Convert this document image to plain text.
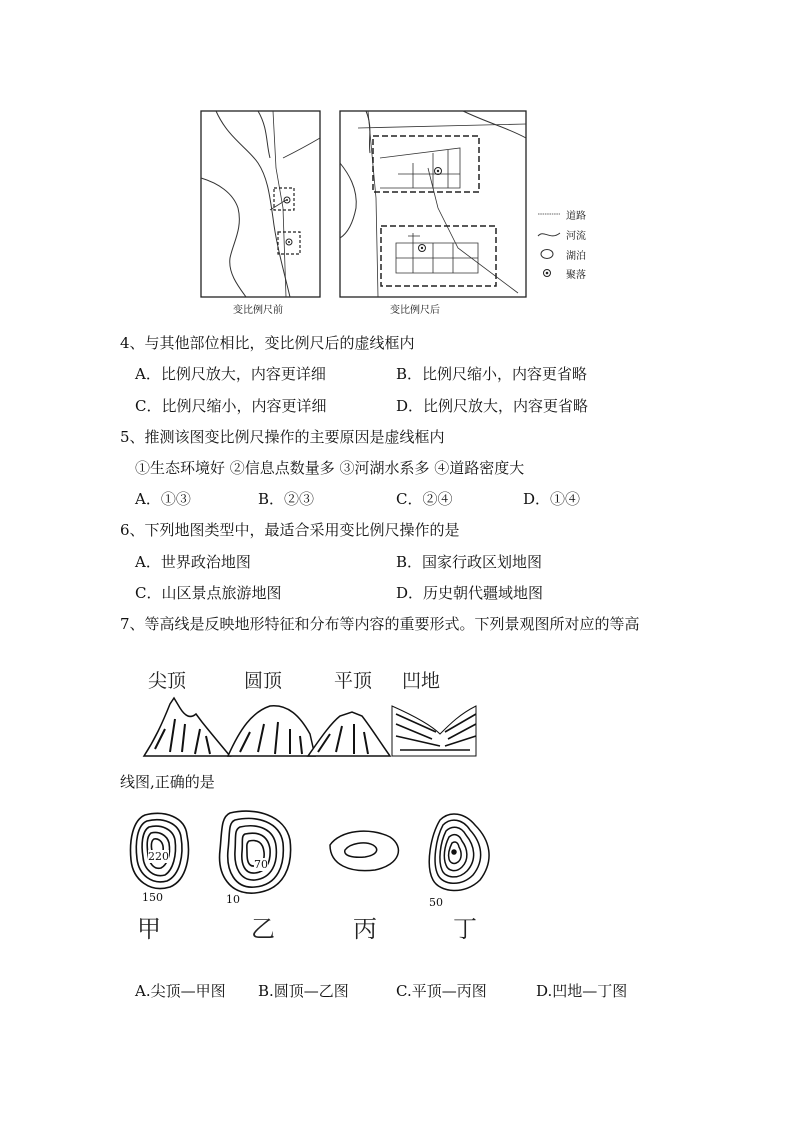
变比例尺前	变比例尺后
道路
河流
湖泊
聚落
4、与其他部位相比，变比例尺后的虚线框内
A．比例尺放大，内容更详细	B．比例尺缩小，内容更省略
C．比例尺缩小，内容更详细	D．比例尺放大，内容更省略
5、推测该图变比例尺操作的主要原因是虚线框内
①生态环境好 ②信息点数量多 ③河湖水系多 ④道路密度大
A．①③	B．②③	C．②④	D．①④
6、下列地图类型中，最适合采用变比例尺操作的是
A．世界政治地图	B．国家行政区划地图
C．山区景点旅游地图	D．历史朝代疆域地图
7、等高线是反映地形特征和分布等内容的重要形式。下列景观图所对应的等高
尖顶	圆顶	平顶 凹地
线图,正确的是
220
150
70
10	50
甲	乙	丙	丁
A.尖顶—甲图 B.圆顶—乙图	C.平顶—丙图	D.凹地—丁图
